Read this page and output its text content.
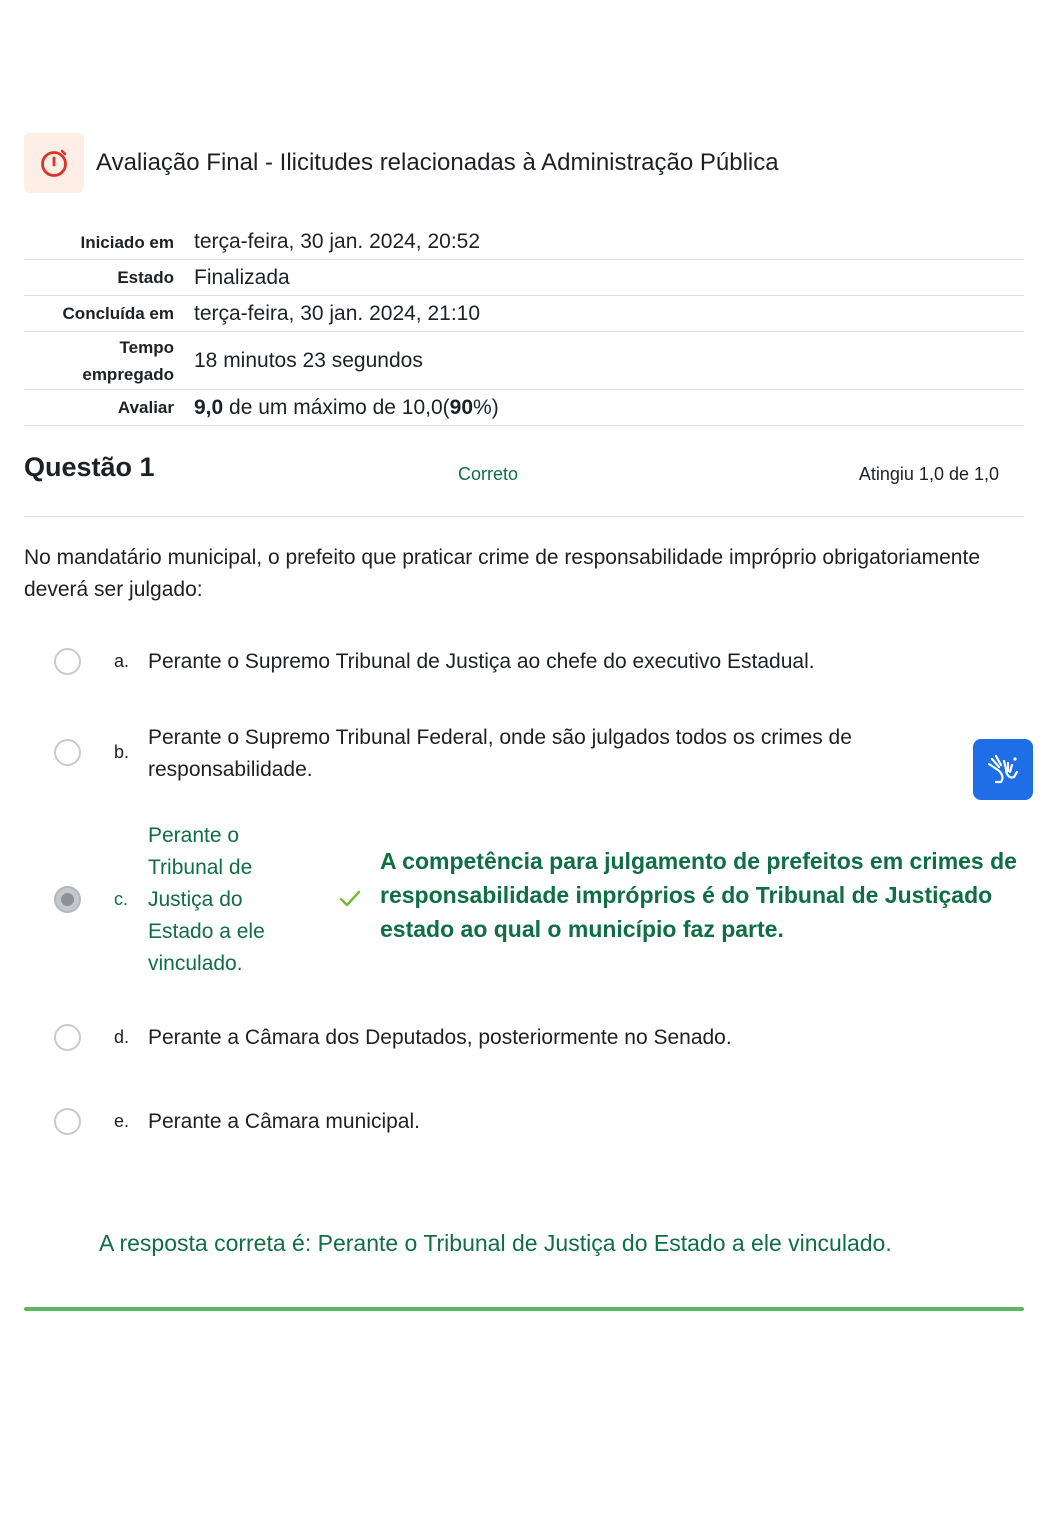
Avaliação Final - Ilicitudes relacionadas à Administração Pública
Iniciado em terça-feira, 30 jan. 2024, 20:52
Estado Finalizada
Concluída em terça-feira, 30 jan. 2024, 21:10
Tempo
empregado
18 minutos 23 segundos
Avaliar 9,0 de um máximo de 10,0(90%)
Questão 1	Correto	Atingiu 1,0 de 1,0
No mandatário municipal, o prefeito que praticar crime de responsabilidade impróprio obrigatoriamente deverá ser julgado:
a. Perante o Supremo Tribunal de Justiça ao chefe do executivo Estadual.
b.
Perante o Supremo Tribunal Federal, onde são julgados todos os crimes de
responsabilidade.
c.
Perante o
Tribunal de
Justiça do
Estado a ele
vinculado.
A competência para julgamento de prefeitos em crimes de responsabilidade impróprios é do Tribunal de Justiçado estado ao qual o município faz parte.
d. Perante a Câmara dos Deputados, posteriormente no Senado.
e. Perante a Câmara municipal.
A resposta correta é: Perante o Tribunal de Justiça do Estado a ele vinculado.
